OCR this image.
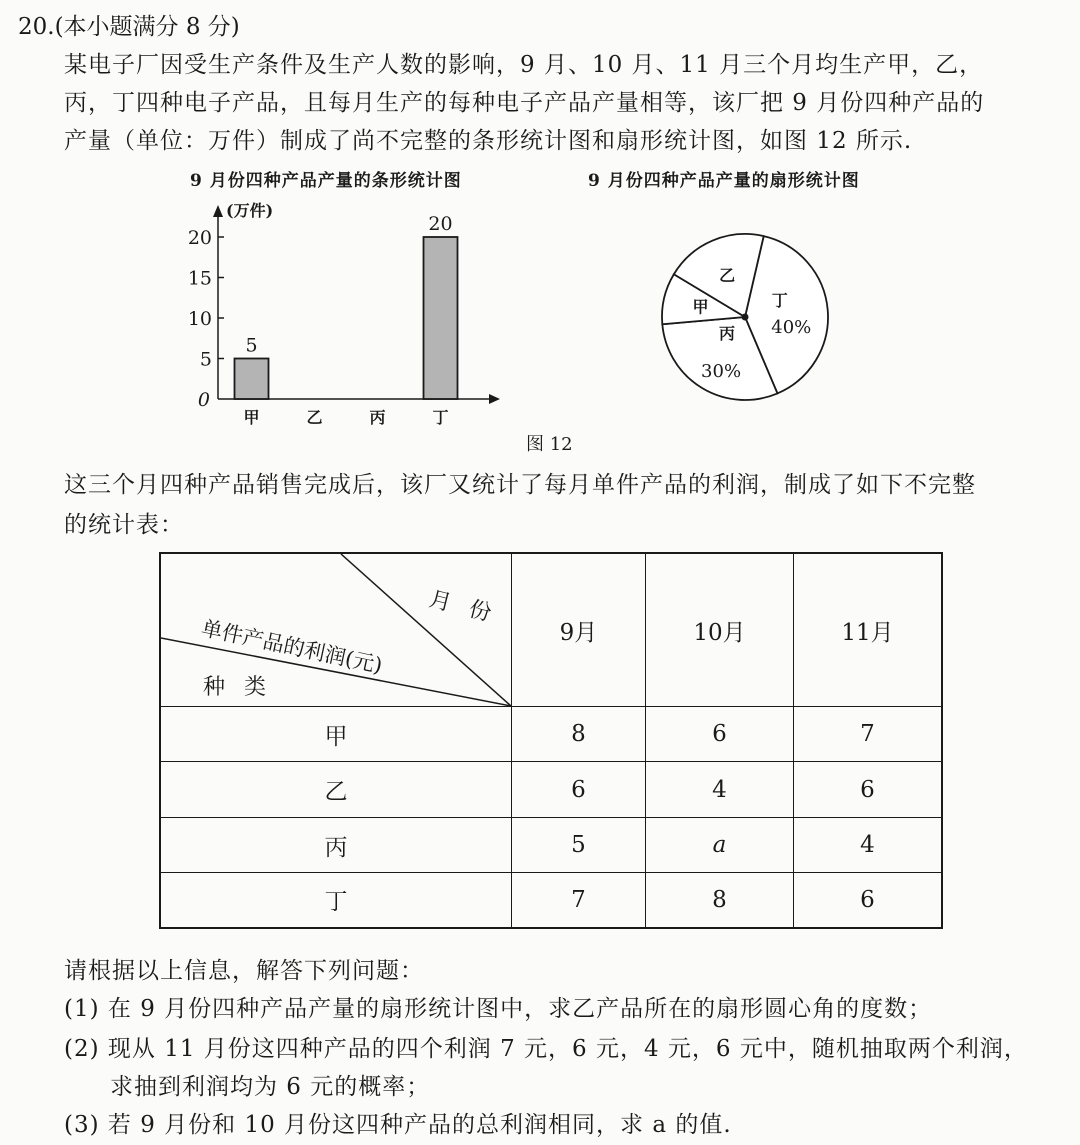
20.(本小题满分 8 分)
某电子厂因受生产条件及生产人数的影响，9 月、10 月、11 月三个月均生产甲，乙，
丙，丁四种电子产品，且每月生产的每种电子产品产量相等，该厂把 9 月份四种产品的
产量（单位：万件）制成了尚不完整的条形统计图和扇形统计图，如图 12 所示.
9 月份四种产品产量的条形统计图	9 月份四种产品产量的扇形统计图
(万件)
0
5
10
15
20
5
甲	乙	丙
20
丁
丁
40%
丙
30%
甲
乙
图 12
这三个月四种产品销售完成后，该厂又统计了每月单件产品的利润，制成了如下不完整
的统计表：
月 份
单件产品的利润(元)
种 类	9月	10月	11月
甲	8	6	7
乙	6	4	6
丙	5	a	4
丁	7	8	6
请根据以上信息，解答下列问题：
(1) 在 9 月份四种产品产量的扇形统计图中，求乙产品所在的扇形圆心角的度数；
(2) 现从 11 月份这四种产品的四个利润 7 元，6 元，4 元，6 元中，随机抽取两个利润，
求抽到利润均为 6 元的概率；
(3) 若 9 月份和 10 月份这四种产品的总利润相同，求 a 的值.
